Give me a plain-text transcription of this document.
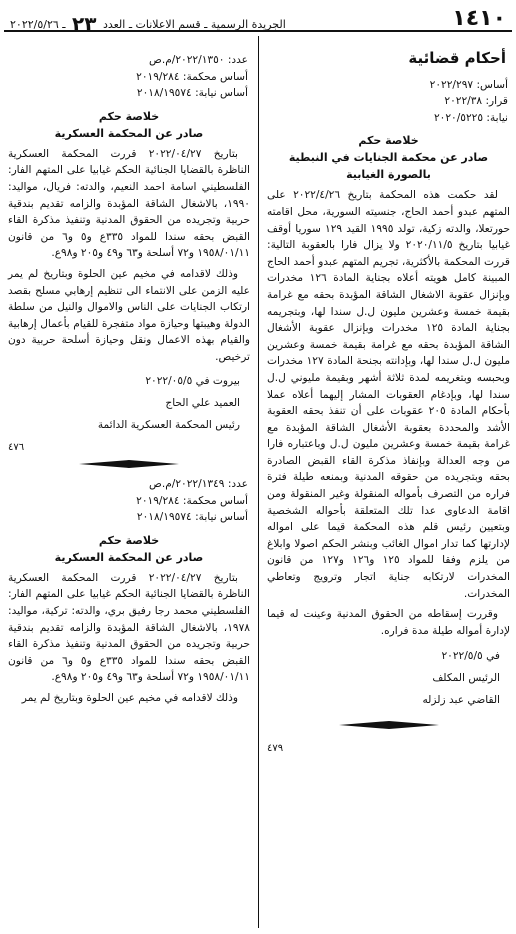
١٤١٠
الجريدة الرسمية ـ قسم الاعلانات ـ العدد ٢٣ ـ ٢٠٢٢/٥/٢٦
أحكام قضائية
أساس: ٢٠٢٢/٢٩٧
قرار: ٢٠٢٢/٣٨
نيابة: ٢٠٢٠/٥٢٢٥
خلاصة حكم
صادر عن محكمة الجنايات في النبطية
بالصورة الغيابية

لقد حكمت هذه المحكمة بتاريخ ٢٠٢٢/٤/٢٦ على المتهم عبدو أحمد الحاج، جنسيته السورية، محل اقامته حورتعلا، والدته زكية، تولد ١٩٩٥ القيد ١٢٩ سوريا أوقف غيابيا بتاريخ ٢٠٢٠/١١/٥ ولا يزال فارا بالعقوبة التالية: قررت المحكمة بالأكثرية، تجريم المتهم عبدو أحمد الحاج المبينة كامل هويته أعلاه بجناية المادة ١٢٦ مخدرات وبإنزال عقوبة الاشغال الشاقة المؤبدة بحقه مع غرامة بقيمة خمسة وعشرين مليون ل.ل سندا لها، وبتجريمه بجناية المادة ١٢٥ مخدرات وبإنزال عقوبة الأشغال الشاقة المؤبدة بحقه مع غرامة بقيمة خمسة وعشرين مليون ل.ل سندا لها، وبإدانته بجنحة المادة ١٢٧ مخدرات وبحبسه وبتغريمه لمدة ثلاثة أشهر وبقيمة مليوني ل.ل سندا لها، وبإدغام العقوبات المشار إليهما أعلاه عملا بأحكام المادة ٢٠٥ عقوبات على أن تنفذ بحقه العقوبة الأشد والمحددة بعقوبة الأشغال الشاقة المؤبدة مع غرامة بقيمة خمسة وعشرين مليون ل.ل وباعتباره فارا من وجه العدالة وبإنفاذ مذكرة القاء القبض الصادرة بحقه وبتجريده من حقوقه المدنية وبمنعه طيلة فترة فراره من التصرف بأمواله المنقولة وغير المنقولة ومن اقامة الدعاوى عدا تلك المتعلقة بأحواله الشخصية وبتعيين رئيس قلم هذه المحكمة قيما على امواله لإدارتها كما تدار اموال الغائب وبنشر الحكم اصولا وابلاغ من يلزم وفقا للمواد ١٢٥ و١٢٦ و١٢٧ من قانون المخدرات لارتكابه جناية اتجار وترويج وتعاطي المخدرات.

وقررت إسقاطه من الحقوق المدنية وعينت له قيما لإدارة أمواله طيلة مدة فراره.

في ٢٠٢٢/٥/٥
الرئيس المكلف
القاضي عبد زلزله
٤٧٩
عدد: ٢٠٢٢/١٣٥٠/م.ص
أساس محكمة: ٢٠١٩/٢٨٤
أساس نيابة: ٢٠١٨/١٩٥٧٤
خلاصة حكم
صادر عن المحكمة العسكرية

بتاريخ ٢٠٢٢/٠٤/٢٧ قررت المحكمة العسكرية الناظرة بالقضايا الجنائية الحكم غيابيا على المتهم الفار: الفلسطيني اسامة احمد النعيم، والدته: فريال، مواليد: ١٩٩٠، بالاشغال الشاقة المؤبدة والزامه تقديم بندقية حربية وتجريده من الحقوق المدنية وتنفيذ مذكرة القاء القبض بحقه سندا للمواد ٣٣٥ع و٥ و٦ من قانون ١٩٥٨/٠١/١١ و٧٢ أسلحة و٦٣ و٤٩ و٢٠٥ و٩٨ع.

وذلك لاقدامه في مخيم عين الحلوة وبتاريخ لم يمر عليه الزمن على الانتماء الى تنظيم إرهابي مسلح بقصد ارتكاب الجنايات على الناس والاموال والنيل من سلطة الدولة وهيبتها وحيازة مواد متفجرة للقيام بأعمال إرهابية والقيام بهذه الاعمال ونقل وحيازة أسلحة حربية دون ترخيص.

بيروت في ٢٠٢٢/٠٥/٥
العميد علي الحاج
رئيس المحكمة العسكرية الدائمة
٤٧٦
عدد: ٢٠٢٢/١٣٤٩/م.ص
أساس محكمة: ٢٠١٩/٢٨٤
أساس نيابة: ٢٠١٨/١٩٥٧٤
خلاصة حكم
صادر عن المحكمة العسكرية

بتاريخ ٢٠٢٢/٠٤/٢٧ قررت المحكمة العسكرية الناظرة بالقضايا الجنائية الحكم غيابيا على المتهم الفار: الفلسطيني محمد رجا رفيق بري، والدته: تركية، مواليد: ١٩٧٨، بالاشغال الشاقة المؤبدة والزامه تقديم بندقية حربية وتجريده من الحقوق المدنية وتنفيذ مذكرة القاء القبض بحقه سندا للمواد ٣٣٥ع و٥ و٦ من قانون ١٩٥٨/٠١/١١ و٧٢ أسلحة و٦٣ و٤٩ و٢٠٥ و٩٨ع.

وذلك لاقدامه في مخيم عين الحلوة وبتاريخ لم يمر
